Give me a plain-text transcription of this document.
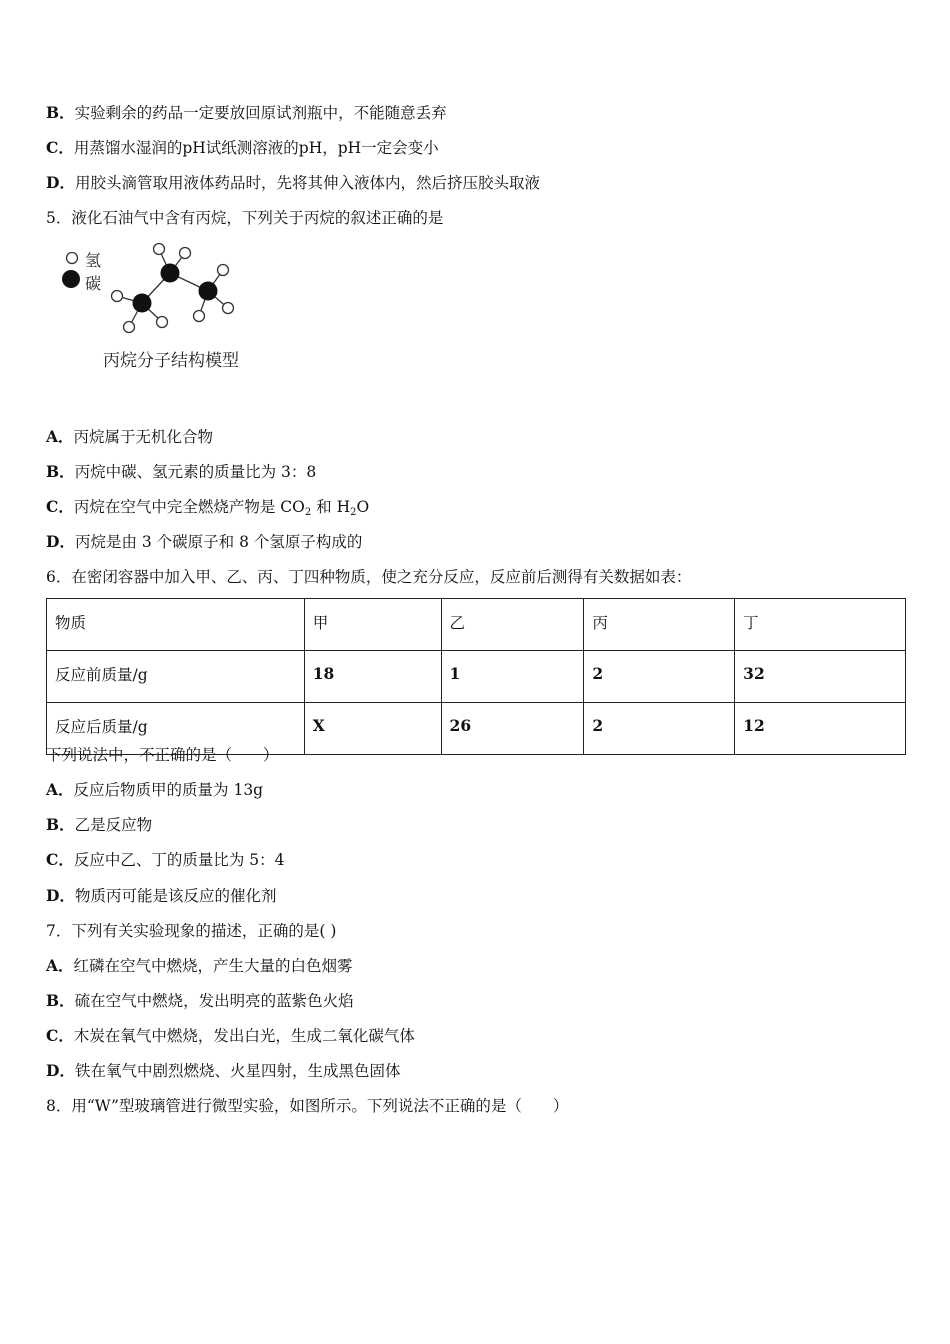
B．实验剩余的药品一定要放回原试剂瓶中，不能随意丢弃
C．用蒸馏水湿润的pH试纸测溶液的pH，pH一定会变小
D．用胶头滴管取用液体药品时，先将其伸入液体内，然后挤压胶头取液
5．液化石油气中含有丙烷，下列关于丙烷的叙述正确的是
氢
碳
丙烷分子结构模型
A．丙烷属于无机化合物
B．丙烷中碳、氢元素的质量比为 3：8
C．丙烷在空气中完全燃烧产物是 $CO_2$ 和 $H_2O$
D．丙烷是由 3 个碳原子和 8 个氢原子构成的
6．在密闭容器中加入甲、乙、丙、丁四种物质，使之充分反应，反应前后测得有关数据如表：
物质	甲	乙	丙	丁
反应前质量/g	18	1	2	32
反应后质量/g	X	26	2	12
下列说法中，不正确的是（　　）
A．反应后物质甲的质量为 13g
B．乙是反应物
C．反应中乙、丁的质量比为 5：4
D．物质丙可能是该反应的催化剂
7．下列有关实验现象的描述，正确的是( )
A．红磷在空气中燃烧，产生大量的白色烟雾
B．硫在空气中燃烧，发出明亮的蓝紫色火焰
C．木炭在氧气中燃烧，发出白光，生成二氧化碳气体
D．铁在氧气中剧烈燃烧、火星四射，生成黑色固体
8．用“W”型玻璃管进行微型实验，如图所示。下列说法不正确的是（　　）
